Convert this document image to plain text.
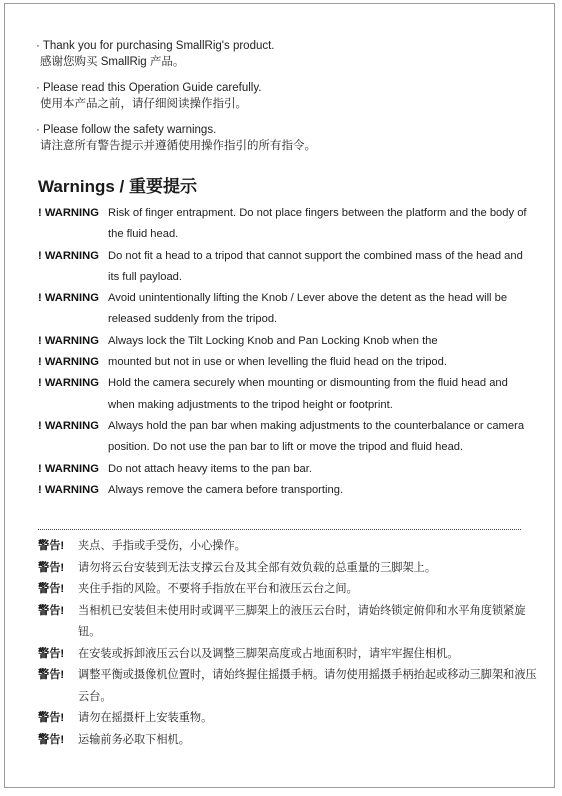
· Thank you for purchasing SmallRig's product.
感谢您购买 SmallRig 产品。
· Please read this Operation Guide carefully.
使用本产品之前，请仔细阅读操作指引。
· Please follow the safety warnings.
请注意所有警告提示并遵循使用操作指引的所有指令。
Warnings / 重要提示
! WARNING Risk of finger entrapment. Do not place fingers between the platform and the body of the fluid head.
! WARNING Do not fit a head to a tripod that cannot support the combined mass of the head and its full payload.
! WARNING Avoid unintentionally lifting the Knob / Lever above the detent as the head will be released suddenly from the tripod.
! WARNING Always lock the Tilt Locking Knob and Pan Locking Knob when the
! WARNING mounted but not in use or when levelling the fluid head on the tripod.
! WARNING Hold the camera securely when mounting or dismounting from the fluid head and when making adjustments to the tripod height or footprint.
! WARNING Always hold the pan bar when making adjustments to the counterbalance or camera position. Do not use the pan bar to lift or move the tripod and fluid head.
! WARNING Do not attach heavy items to the pan bar.
! WARNING Always remove the camera before transporting.
警告!	夹点、手指或手受伤，小心操作。
警告!	请勿将云台安装到无法支撑云台及其全部有效负载的总重量的三脚架上。
警告!	夹住手指的风险。不要将手指放在平台和液压云台之间。
警告!	当相机已安装但未使用时或调平三脚架上的液压云台时，请始终锁定俯仰和水平角度锁紧旋钮。
警告!	在安装或拆卸液压云台以及调整三脚架高度或占地面积时，请牢牢握住相机。
警告!	调整平衡或摄像机位置时，请始终握住摇摄手柄。请勿使用摇摄手柄抬起或移动三脚架和液压云台。
警告!	请勿在摇摄杆上安装重物。
警告!	运输前务必取下相机。
